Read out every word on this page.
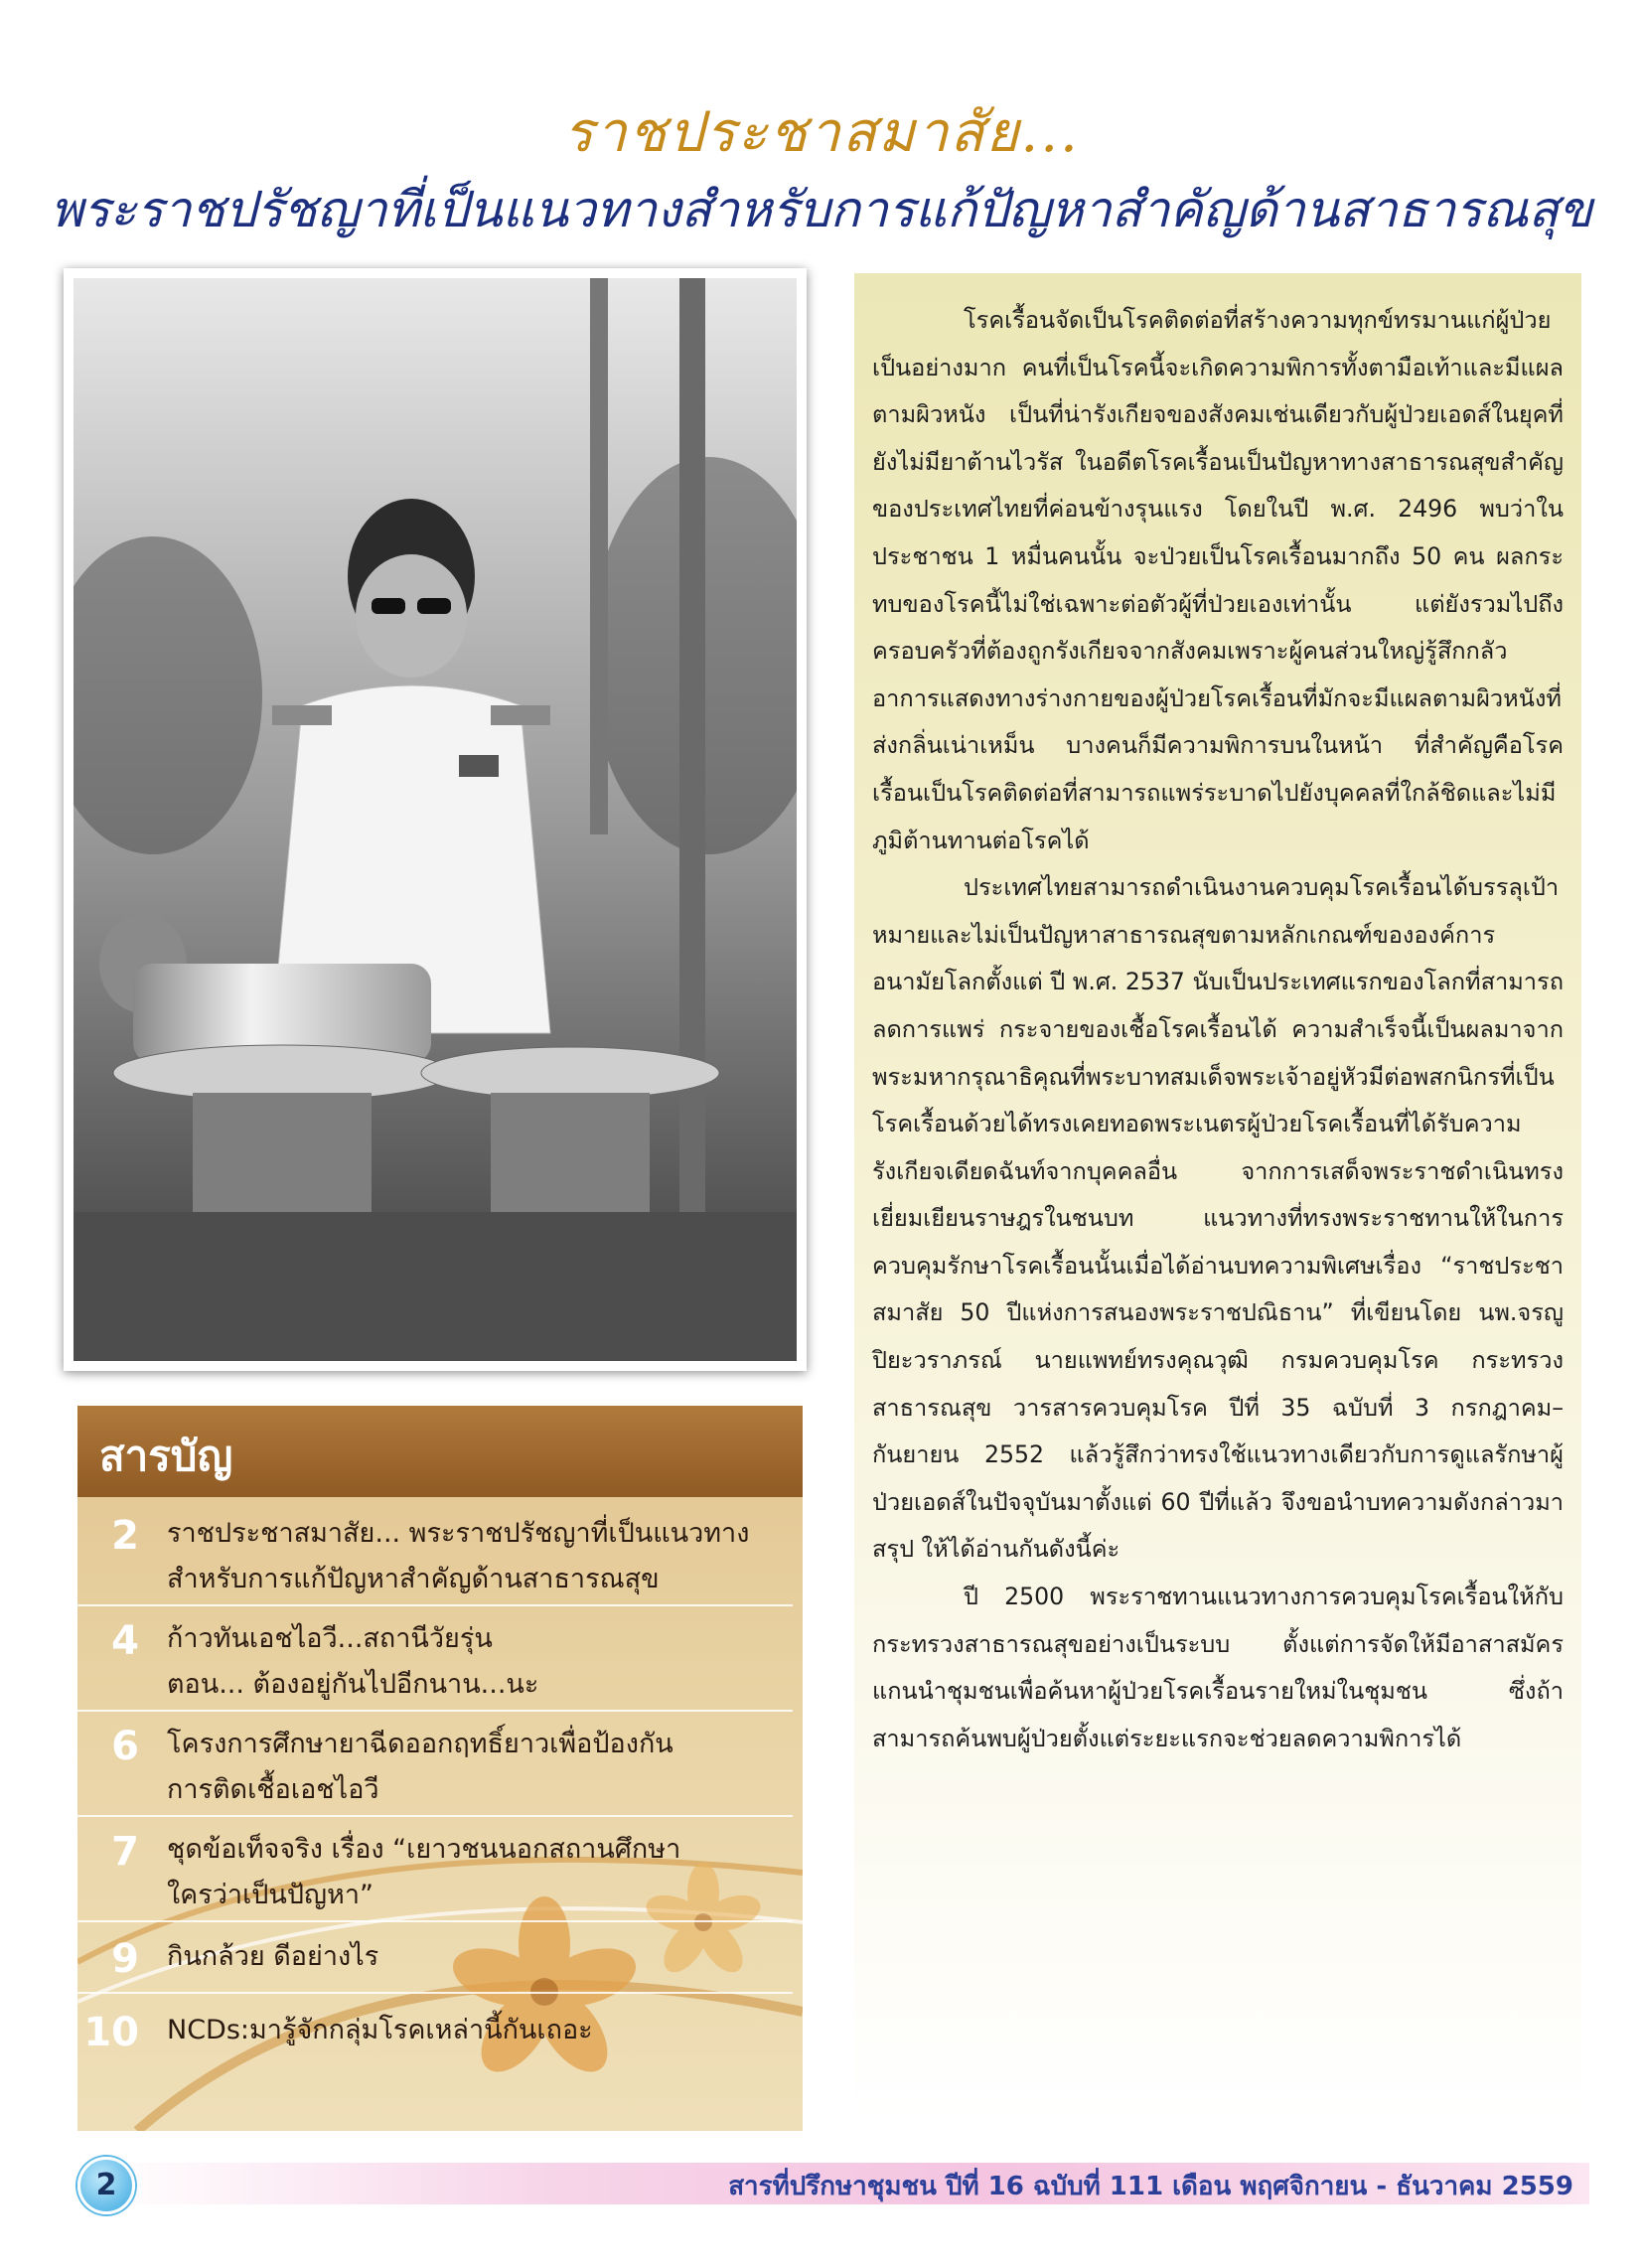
ราชประชาสมาสัย...
พระราชปรัชญาที่เป็นแนวทางสำหรับการแก้ปัญหาสำคัญด้านสาธารณสุข

โรคเรื้อนจัดเป็นโรคติดต่อที่สร้างความทุกข์ทรมานแก่ผู้ป่วยเป็นอย่างมาก คนที่เป็นโรคนี้จะเกิดความพิการทั้งตามือเท้าและมีแผลตามผิวหนัง เป็นที่น่ารังเกียจของสังคมเช่นเดียวกับผู้ป่วยเอดส์ในยุคที่ยังไม่มียาต้านไวรัส ในอดีตโรคเรื้อนเป็นปัญหาทางสาธารณสุขสำคัญของประเทศไทยที่ค่อนข้างรุนแรง โดยในปี พ.ศ. 2496 พบว่าในประชาชน 1 หมื่นคนนั้น จะป่วยเป็นโรคเรื้อนมากถึง 50 คน ผลกระทบของโรคนี้ไม่ใช่เฉพาะต่อตัวผู้ที่ป่วยเองเท่านั้น แต่ยังรวมไปถึงครอบครัวที่ต้องถูกรังเกียจจากสังคมเพราะผู้คนส่วนใหญ่รู้สึกกลัวอาการแสดงทางร่างกายของผู้ป่วยโรคเรื้อนที่มักจะมีแผลตามผิวหนังที่ส่งกลิ่นเน่าเหม็น บางคนก็มีความพิการบนในหน้า ที่สำคัญคือโรคเรื้อนเป็นโรคติดต่อที่สามารถแพร่ระบาดไปยังบุคคลที่ใกล้ชิดและไม่มีภูมิต้านทานต่อโรคได้

ประเทศไทยสามารถดำเนินงานควบคุมโรคเรื้อนได้บรรลุเป้าหมายและไม่เป็นปัญหาสาธารณสุขตามหลักเกณฑ์ขององค์การอนามัยโลกตั้งแต่ ปี พ.ศ. 2537 นับเป็นประเทศแรกของโลกที่สามารถลดการแพร่ กระจายของเชื้อโรคเรื้อนได้ ความสำเร็จนี้เป็นผลมาจากพระมหากรุณาธิคุณที่พระบาทสมเด็จพระเจ้าอยู่หัวมีต่อพสกนิกรที่เป็นโรคเรื้อนด้วยได้ทรงเคยทอดพระเนตรผู้ป่วยโรคเรื้อนที่ได้รับความรังเกียจเดียดฉันท์จากบุคคลอื่น จากการเสด็จพระราชดำเนินทรงเยี่ยมเยียนราษฎรในชนบท แนวทางที่ทรงพระราชทานให้ในการควบคุมรักษาโรคเรื้อนนั้นเมื่อได้อ่านบทความพิเศษเรื่อง “ราชประชาสมาสัย 50 ปีแห่งการสนองพระราชปณิธาน” ที่เขียนโดย นพ.จรญู ปิยะวราภรณ์ นายแพทย์ทรงคุณวุฒิ กรมควบคุมโรค กระทรวงสาธารณสุข วารสารควบคุมโรค ปีที่ 35 ฉบับที่ 3 กรกฎาคม–กันยายน 2552 แล้วรู้สึกว่าทรงใช้แนวทางเดียวกับการดูแลรักษาผู้ป่วยเอดส์ในปัจจุบันมาตั้งแต่ 60 ปีที่แล้ว จึงขอนำบทความดังกล่าวมาสรุป ให้ได้อ่านกันดังนี้ค่ะ

ปี 2500 พระราชทานแนวทางการควบคุมโรคเรื้อนให้กับกระทรวงสาธารณสุขอย่างเป็นระบบ ตั้งแต่การจัดให้มีอาสาสมัคร แกนนำชุมชนเพื่อค้นหาผู้ป่วยโรคเรื้อนรายใหม่ในชุมชน ซึ่งถ้าสามารถค้นพบผู้ป่วยตั้งแต่ระยะแรกจะช่วยลดความพิการได้

สารบัญ
2 ราชประชาสมาสัย... พระราชปรัชญาที่เป็นแนวทาง
สำหรับการแก้ปัญหาสำคัญด้านสาธารณสุข
4 ก้าวทันเอชไอวี...สถานีวัยรุ่น
ตอน... ต้องอยู่กันไปอีกนาน...นะ
6 โครงการศึกษายาฉีดออกฤทธิ์ยาวเพื่อป้องกัน
การติดเชื้อเอชไอวี
7 ชุดข้อเท็จจริง เรื่อง “เยาวชนนอกสถานศึกษา
ใครว่าเป็นปัญหา”
9 กินกล้วย ดีอย่างไร
10 NCDs:มารู้จักกลุ่มโรคเหล่านี้กันเถอะ
2	สารที่ปรึกษาชุมชน ปีที่ 16 ฉบับที่ 111 เดือน พฤศจิกายน - ธันวาคม 2559
